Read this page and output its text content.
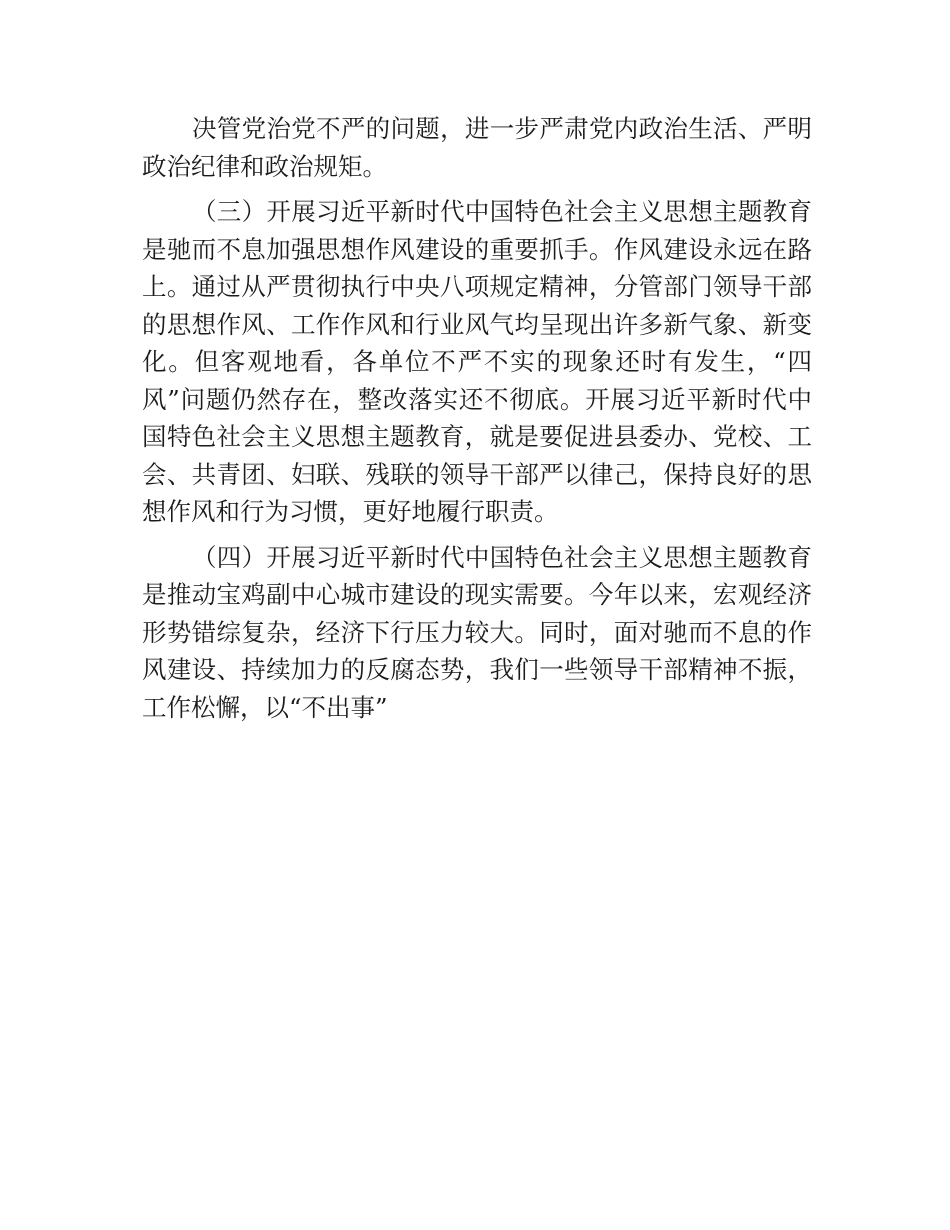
决管党治党不严的问题，进一步严肃党内政治生活、严明
政治纪律和政治规矩。
（三）开展习近平新时代中国特色社会主义思想主题教育
是驰而不息加强思想作风建设的重要抓手。作风建设永远在路
上。通过从严贯彻执行中央八项规定精神，分管部门领导干部
的思想作风、工作作风和行业风气均呈现出许多新气象、新变
化。但客观地看，各单位不严不实的现象还时有发生，“四
风”问题仍然存在，整改落实还不彻底。开展习近平新时代中
国特色社会主义思想主题教育，就是要促进县委办、党校、工
会、共青团、妇联、残联的领导干部严以律己，保持良好的思
想作风和行为习惯，更好地履行职责。
（四）开展习近平新时代中国特色社会主义思想主题教育
是推动宝鸡副中心城市建设的现实需要。今年以来，宏观经济
形势错综复杂，经济下行压力较大。同时，面对驰而不息的作
风建设、持续加力的反腐态势，我们一些领导干部精神不振，
工作松懈，以“不出事”
